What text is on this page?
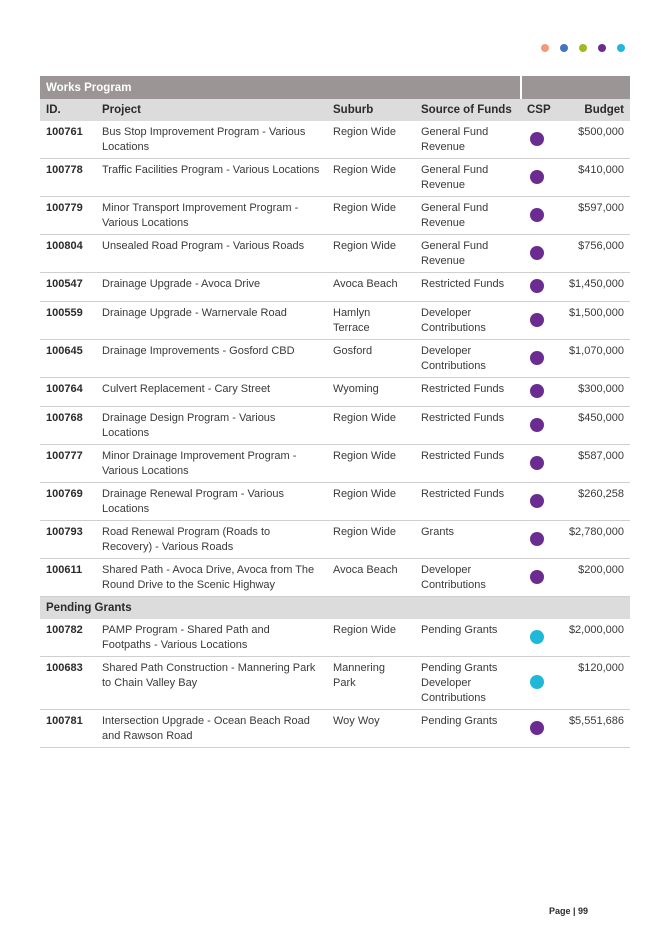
Works Program					
ID.	Project	Suburb	Source of Funds	CSP	Budget
100761	Bus Stop Improvement Program - Various Locations	Region Wide	General Fund Revenue		$500,000
100778	Traffic Facilities Program - Various Locations	Region Wide	General Fund Revenue		$410,000
100779	Minor Transport Improvement Program - Various Locations	Region Wide	General Fund Revenue		$597,000
100804	Unsealed Road Program - Various Roads	Region Wide	General Fund Revenue		$756,000
100547	Drainage Upgrade - Avoca Drive	Avoca Beach	Restricted Funds		$1,450,000
100559	Drainage Upgrade - Warnervale Road	Hamlyn Terrace	Developer Contributions		$1,500,000
100645	Drainage Improvements - Gosford CBD	Gosford	Developer Contributions		$1,070,000
100764	Culvert Replacement - Cary Street	Wyoming	Restricted Funds		$300,000
100768	Drainage Design Program - Various Locations	Region Wide	Restricted Funds		$450,000
100777	Minor Drainage Improvement Program - Various Locations	Region Wide	Restricted Funds		$587,000
100769	Drainage Renewal Program - Various Locations	Region Wide	Restricted Funds		$260,258
100793	Road Renewal Program (Roads to Recovery) - Various Roads	Region Wide	Grants		$2,780,000
100611	Shared Path - Avoca Drive, Avoca from The Round Drive to the Scenic Highway	Avoca Beach	Developer Contributions		$200,000
Pending Grants					
100782	PAMP Program - Shared Path and Footpaths - Various Locations	Region Wide	Pending Grants		$2,000,000
100683	Shared Path Construction - Mannering Park to Chain Valley Bay	Mannering Park	Pending Grants Developer Contributions		$120,000
100781	Intersection Upgrade - Ocean Beach Road and Rawson Road	Woy Woy	Pending Grants		$5,551,686
Page | 99
